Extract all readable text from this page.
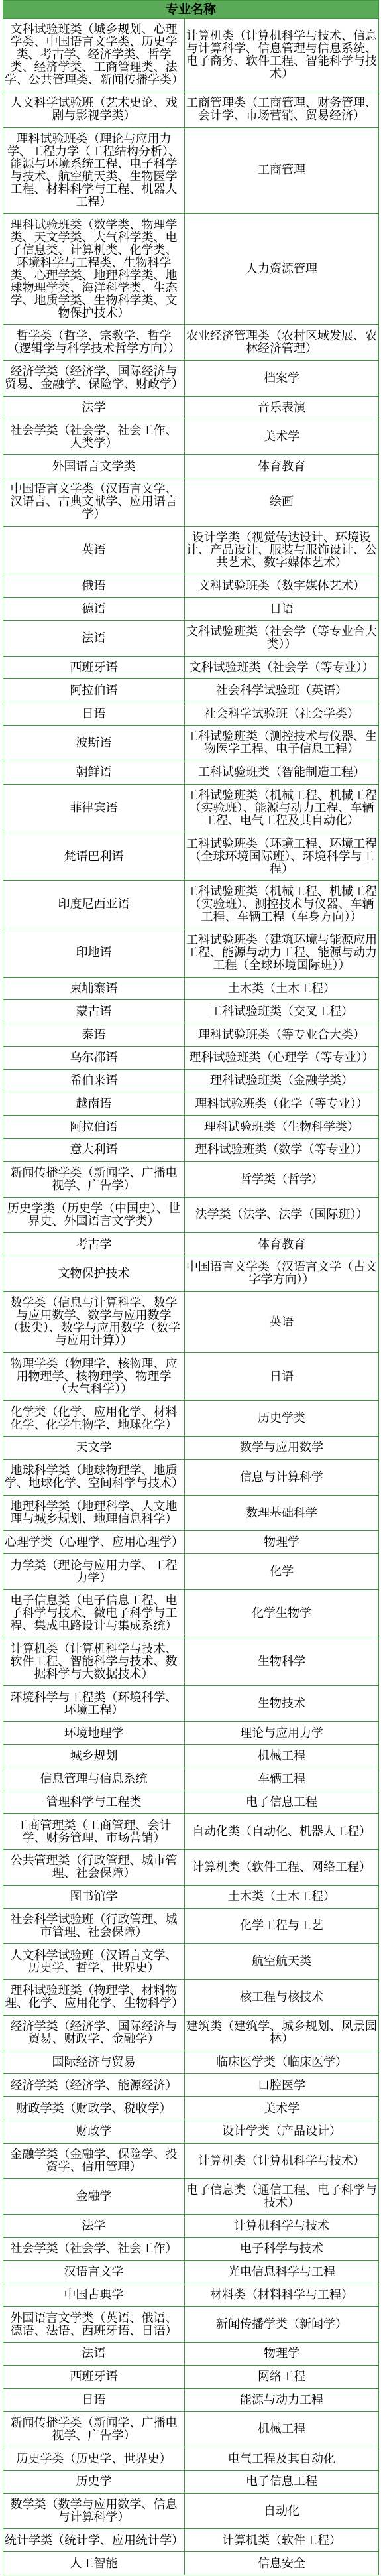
专业名称	
文科试验班类（城乡规划、心理学类、中国语言文学类、历史学类、考古学、经济学类、哲学类、经济学类、工商管理类、法学、公共管理类、新闻传播学类）	计算机类（计算机科学与技术、信息与计算科学、信息管理与信息系统、电子商务、软件工程、智能科学与技术）
人文科学试验班（艺术史论、戏剧与影视学类）	工商管理类（工商管理、财务管理、会计学、市场营销、贸易经济）
理科试验班类（理论与应用力学、工程力学（工程结构分析）、能源与环境系统工程、电子科学与技术、航空航天类、生物医学工程、材料科学与工程、机器人工程）	工商管理
理科试验班类（数学类、物理学类、天文学类、大气科学类、电子信息类、计算机类、化学类、环境科学与工程类、生物科学类、心理学类、地理科学类、地球物理学类、海洋科学类、生态学、地质学类、生物科学类、文物保护技术）	人力资源管理
哲学类（哲学、宗教学、哲学（逻辑学与科学技术哲学方向））	农业经济管理类（农村区域发展、农林经济管理）
经济学类（经济学、国际经济与贸易、金融学、保险学、财政学）	档案学
法学	音乐表演
社会学类（社会学、社会工作、人类学）	美术学
外国语言文学类	体育教育
中国语言文学类（汉语言文学、汉语言、古典文献学、应用语言学）	绘画
英语	设计学类（视觉传达设计、环境设计、产品设计、服装与服饰设计、公共艺术、数字媒体艺术）
俄语	文科试验班类（数字媒体艺术）
德语	日语
法语	文科试验班类（社会学（等专业合大类））
西班牙语	文科试验班类（社会学（等专业））
阿拉伯语	社会科学试验班（英语）
日语	社会科学试验班（社会学类）
波斯语	工科试验班类（测控技术与仪器、生物医学工程、电子信息工程）
朝鲜语	工科试验班类（智能制造工程）
菲律宾语	工科试验班类（机械工程、机械工程（实验班）、能源与动力工程、车辆工程、电气工程及其自动化）
梵语巴利语	工科试验班类（环境工程、环境工程（全球环境国际班）、环境科学与工程）
印度尼西亚语	工科试验班类（机械工程、机械工程（实验班）、测控技术与仪器、车辆工程、车辆工程（车身方向））
印地语	工科试验班类（建筑环境与能源应用工程、能源与动力工程、能源与动力工程（全球环境国际班））
柬埔寨语	土木类（土木工程）
蒙古语	工科试验班类（交叉工程）
泰语	理科试验班类（等专业合大类）
乌尔都语	理科试验班类（心理学（等专业））
希伯来语	理科试验班类（金融学类）
越南语	理科试验班类（化学（等专业））
阿拉伯语	理科试验班类（生物科学类）
意大利语	理科试验班类（数学（等专业））
新闻传播学类（新闻学、广播电视学、广告学）	哲学类（哲学）
历史学类（历史学（中国史）、世界史、外国语言文学类）	法学类（法学、法学（国际班））
考古学	体育教育
文物保护技术	中国语言文学类（汉语言文学（古文字学方向））
数学类（信息与计算科学、数学与应用数学、数学与应用数学（拔尖）、数学与应用数学（数学与应用计算））	英语
物理学类（物理学、核物理、应用物理学、核物理学、物理学（大气科学））	日语
化学类（化学、应用化学、材料化学、化学生物学、地球化学）	历史学类
天文学	数学与应用数学
地球科学类（地球物理学、地质学、地球化学、空间科学与技术）	信息与计算科学
地理科学类（地理科学、人文地理与城乡规划、地理信息科学）	数理基础科学
心理学类（心理学、应用心理学）	物理学
力学类（理论与应用力学、工程力学）	化学
电子信息类（电子信息工程、电子科学与技术、微电子科学与工程、集成电路设计与集成系统）	化学生物学
计算机类（计算机科学与技术、软件工程、智能科学与技术、数据科学与大数据技术）	生物科学
环境科学与工程类（环境科学、环境工程）	生物技术
环境地理学	理论与应用力学
城乡规划	机械工程
信息管理与信息系统	车辆工程
管理科学与工程类	电子信息工程
工商管理类（工商管理、会计学、财务管理、市场营销）	自动化类（自动化、机器人工程）
公共管理类（行政管理、城市管理、社会保障）	计算机类（软件工程、网络工程）
图书馆学	土木类（土木工程）
社会科学试验班（行政管理、城市管理、社会保障）	化学工程与工艺
人文科学试验班（汉语言文学、历史学、哲学、世界史）	航空航天类
理科试验班类（物理学、材料物理、化学、应用化学、生物科学）	核工程与核技术
经济学类（经济学、国际经济与贸易、财政学、金融学）	建筑类（建筑学、城乡规划、风景园林）
国际经济与贸易	临床医学类（临床医学）
经济学类（经济学、能源经济）	口腔医学
财政学类（财政学、税收学）	美术学
财政学	设计学类（产品设计）
金融学类（金融学、保险学、投资学、信用管理）	计算机类（计算机科学与技术）
金融学	电子信息类（通信工程、电子科学与技术）
法学	计算机科学与技术
社会学类（社会学、社会工作）	电子科学与技术
汉语言文学	光电信息科学与工程
中国古典学	材料类（材料科学与工程）
外国语言文学类（英语、俄语、德语、法语、西班牙语、日语）	新闻传播学类（新闻学）
法语	物理学
西班牙语	网络工程
日语	能源与动力工程
新闻传播学类（新闻学、广播电视学、广告学）	机械工程
历史学类（历史学、世界史）	电气工程及其自动化
历史学	电子信息工程
数学类（数学与应用数学、信息与计算科学）	自动化
统计学类（统计学、应用统计学）	计算机类（软件工程）
人工智能	信息安全
